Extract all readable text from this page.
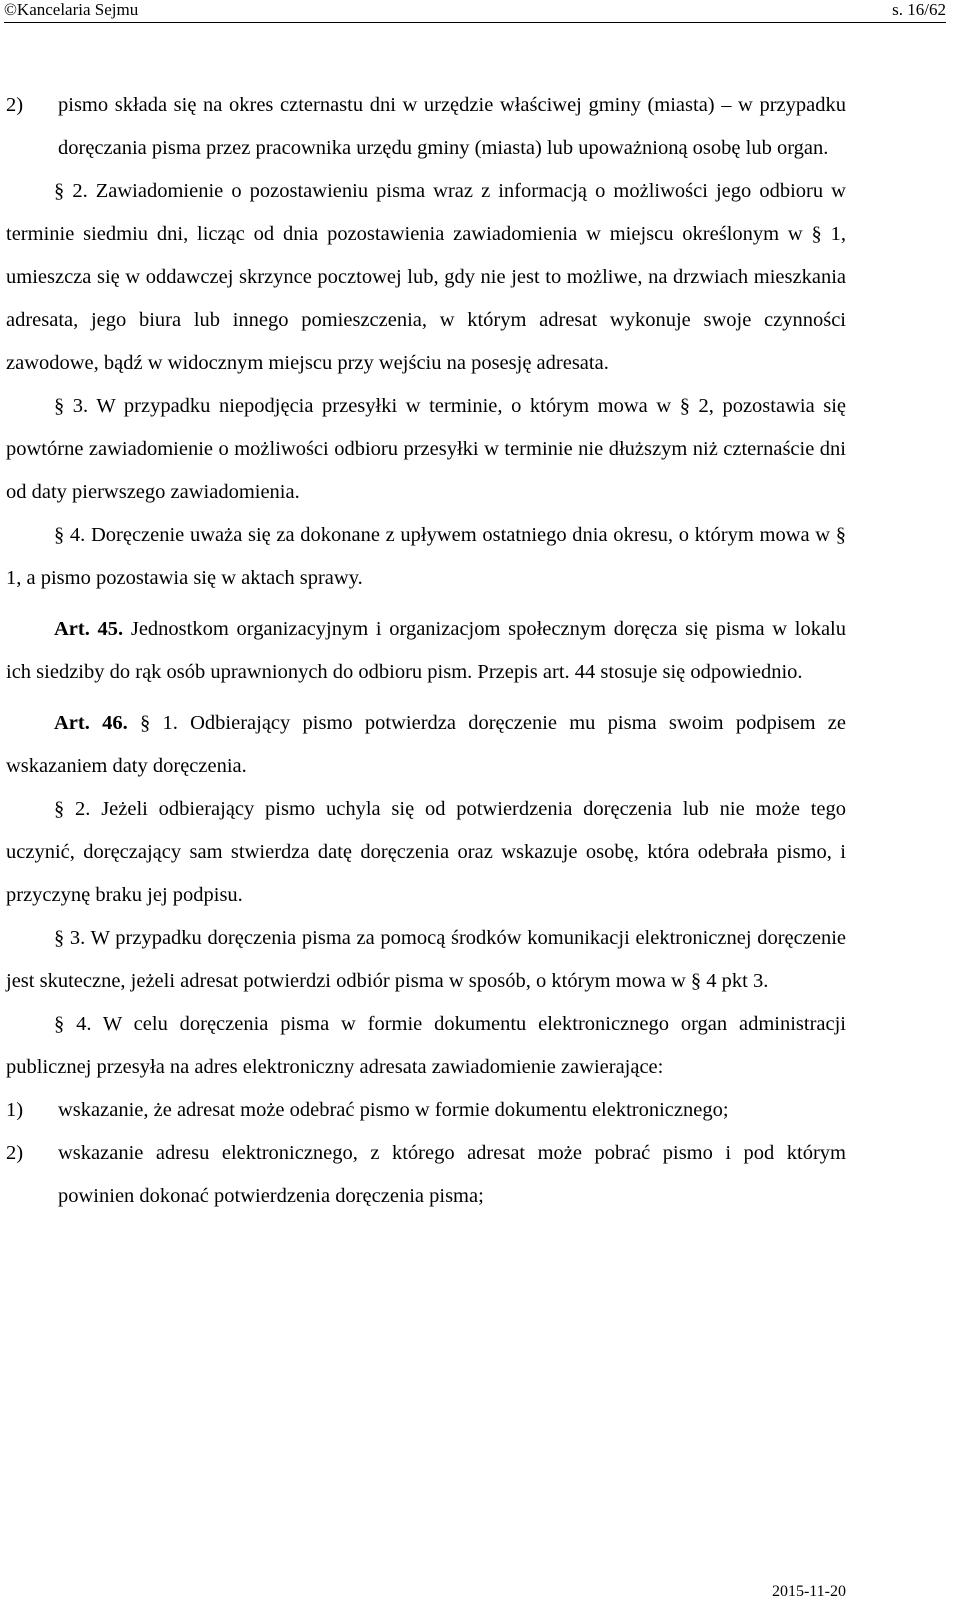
©Kancelaria Sejmu	s. 16/62

2) pismo składa się na okres czternastu dni w urzędzie właściwej gminy (miasta) – w przypadku doręczania pisma przez pracownika urzędu gminy (miasta) lub upoważnioną osobę lub organ.

§ 2. Zawiadomienie o pozostawieniu pisma wraz z informacją o możliwości jego odbioru w terminie siedmiu dni, licząc od dnia pozostawienia zawiadomienia w miejscu określonym w § 1, umieszcza się w oddawczej skrzynce pocztowej lub, gdy nie jest to możliwe, na drzwiach mieszkania adresata, jego biura lub innego pomieszczenia, w którym adresat wykonuje swoje czynności zawodowe, bądź w widocznym miejscu przy wejściu na posesję adresata.

§ 3. W przypadku niepodjęcia przesyłki w terminie, o którym mowa w § 2, pozostawia się powtórne zawiadomienie o możliwości odbioru przesyłki w terminie nie dłuższym niż czternaście dni od daty pierwszego zawiadomienia.

§ 4. Doręczenie uważa się za dokonane z upływem ostatniego dnia okresu, o którym mowa w § 1, a pismo pozostawia się w aktach sprawy.

Art. 45. Jednostkom organizacyjnym i organizacjom społecznym doręcza się pisma w lokalu ich siedziby do rąk osób uprawnionych do odbioru pism. Przepis art. 44 stosuje się odpowiednio.

Art. 46. § 1. Odbierający pismo potwierdza doręczenie mu pisma swoim podpisem ze wskazaniem daty doręczenia.

§ 2. Jeżeli odbierający pismo uchyla się od potwierdzenia doręczenia lub nie może tego uczynić, doręczający sam stwierdza datę doręczenia oraz wskazuje osobę, która odebrała pismo, i przyczynę braku jej podpisu.

§ 3. W przypadku doręczenia pisma za pomocą środków komunikacji elektronicznej doręczenie jest skuteczne, jeżeli adresat potwierdzi odbiór pisma w sposób, o którym mowa w § 4 pkt 3.

§ 4. W celu doręczenia pisma w formie dokumentu elektronicznego organ administracji publicznej przesyła na adres elektroniczny adresata zawiadomienie zawierające:

1) wskazanie, że adresat może odebrać pismo w formie dokumentu elektronicznego;

2) wskazanie adresu elektronicznego, z którego adresat może pobrać pismo i pod którym powinien dokonać potwierdzenia doręczenia pisma;

2015-11-20
